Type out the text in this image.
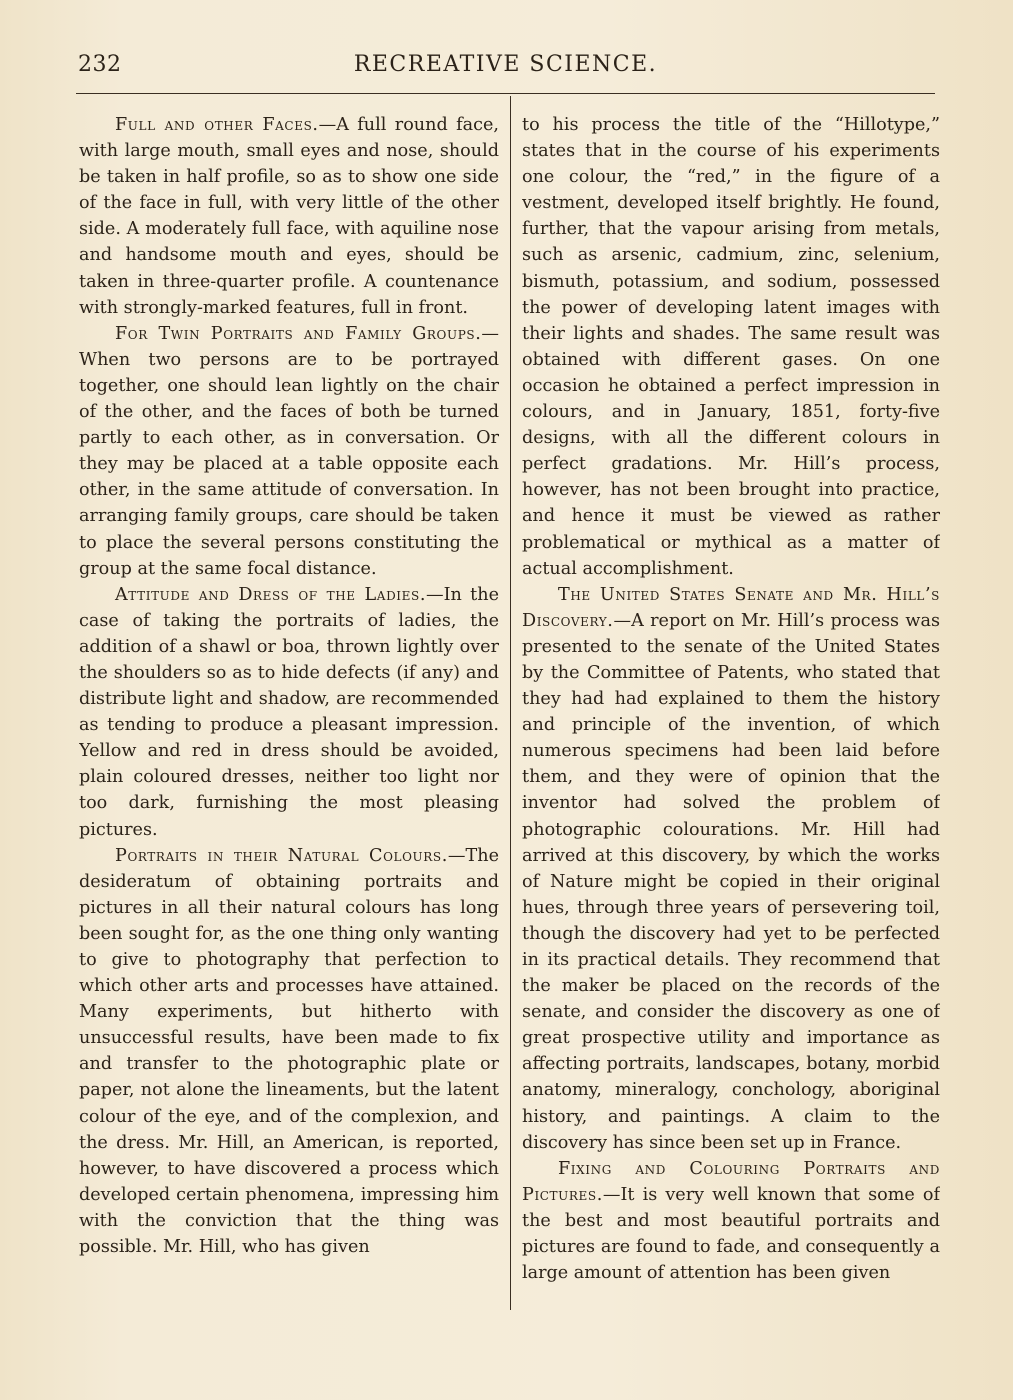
232	RECREATIVE SCIENCE.

Full and other Faces.—A full round face, with large mouth, small eyes and nose, should be taken in half profile, so as to show one side of the face in full, with very little of the other side. A moderately full face, with aquiline nose and handsome mouth and eyes, should be taken in three-quarter profile. A countenance with strongly-marked features, full in front.

For Twin Portraits and Family Groups.—When two persons are to be portrayed together, one should lean lightly on the chair of the other, and the faces of both be turned partly to each other, as in conversation. Or they may be placed at a table opposite each other, in the same attitude of conversation. In arranging family groups, care should be taken to place the several persons constituting the group at the same focal distance.

Attitude and Dress of the Ladies.—In the case of taking the portraits of ladies, the addition of a shawl or boa, thrown lightly over the shoulders so as to hide defects (if any) and distribute light and shadow, are recommended as tending to produce a pleasant impression. Yellow and red in dress should be avoided, plain coloured dresses, neither too light nor too dark, furnishing the most pleasing pictures.

Portraits in their Natural Colours.—The desideratum of obtaining portraits and pictures in all their natural colours has long been sought for, as the one thing only wanting to give to photography that perfection to which other arts and processes have attained. Many experiments, but hitherto with unsuccessful results, have been made to fix and transfer to the photographic plate or paper, not alone the lineaments, but the latent colour of the eye, and of the complexion, and the dress. Mr. Hill, an American, is reported, however, to have discovered a process which developed certain phenomena, impressing him with the conviction that the thing was possible. Mr. Hill, who has given

to his process the title of the “Hillotype,” states that in the course of his experiments one colour, the “red,” in the figure of a vestment, developed itself brightly. He found, further, that the vapour arising from metals, such as arsenic, cadmium, zinc, selenium, bismuth, potassium, and sodium, possessed the power of developing latent images with their lights and shades. The same result was obtained with different gases. On one occasion he obtained a perfect impression in colours, and in January, 1851, forty-five designs, with all the different colours in perfect gradations. Mr. Hill’s process, however, has not been brought into practice, and hence it must be viewed as rather problematical or mythical as a matter of actual accomplishment.

The United States Senate and Mr. Hill’s Discovery.—A report on Mr. Hill’s process was presented to the senate of the United States by the Committee of Patents, who stated that they had had explained to them the history and principle of the invention, of which numerous specimens had been laid before them, and they were of opinion that the inventor had solved the problem of photographic colourations. Mr. Hill had arrived at this discovery, by which the works of Nature might be copied in their original hues, through three years of persevering toil, though the discovery had yet to be perfected in its practical details. They recommend that the maker be placed on the records of the senate, and consider the discovery as one of great prospective utility and importance as affecting portraits, landscapes, botany, morbid anatomy, mineralogy, conchology, aboriginal history, and paintings. A claim to the discovery has since been set up in France.

Fixing and Colouring Portraits and Pictures.—It is very well known that some of the best and most beautiful portraits and pictures are found to fade, and consequently a large amount of attention has been given
